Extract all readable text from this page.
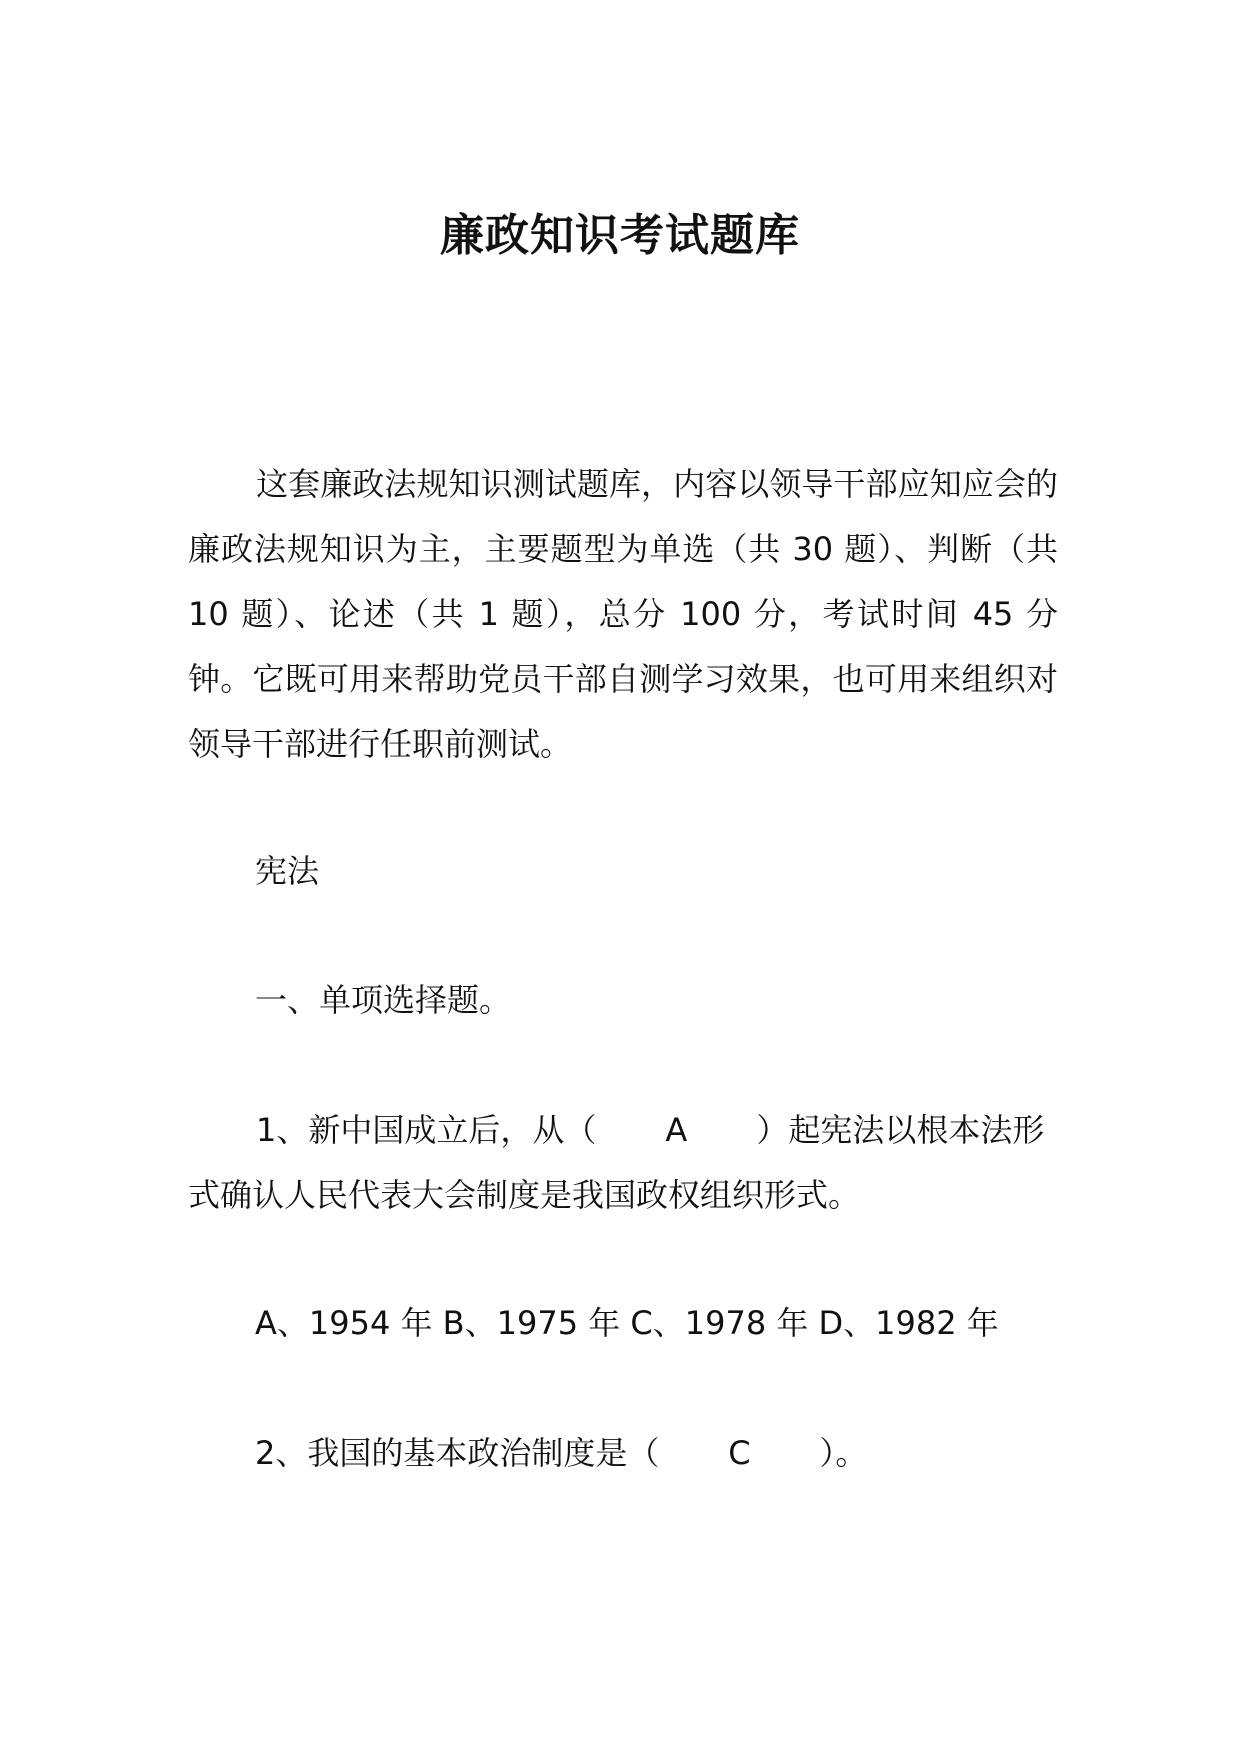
廉政知识考试题库

这套廉政法规知识测试题库，内容以领导干部应知应会的廉政法规知识为主，主要题型为单选（共 30 题）、判断（共 10 题）、论述（共 1 题），总分 100 分，考试时间 45 分钟。它既可用来帮助党员干部自测学习效果，也可用来组织对领导干部进行任职前测试。

宪法

一、单项选择题。

1、新中国成立后，从（ A ）起宪法以根本法形式确认人民代表大会制度是我国政权组织形式。

A、1954 年 B、1975 年 C、1978 年 D、1982 年

2、我国的基本政治制度是（ C ）。
